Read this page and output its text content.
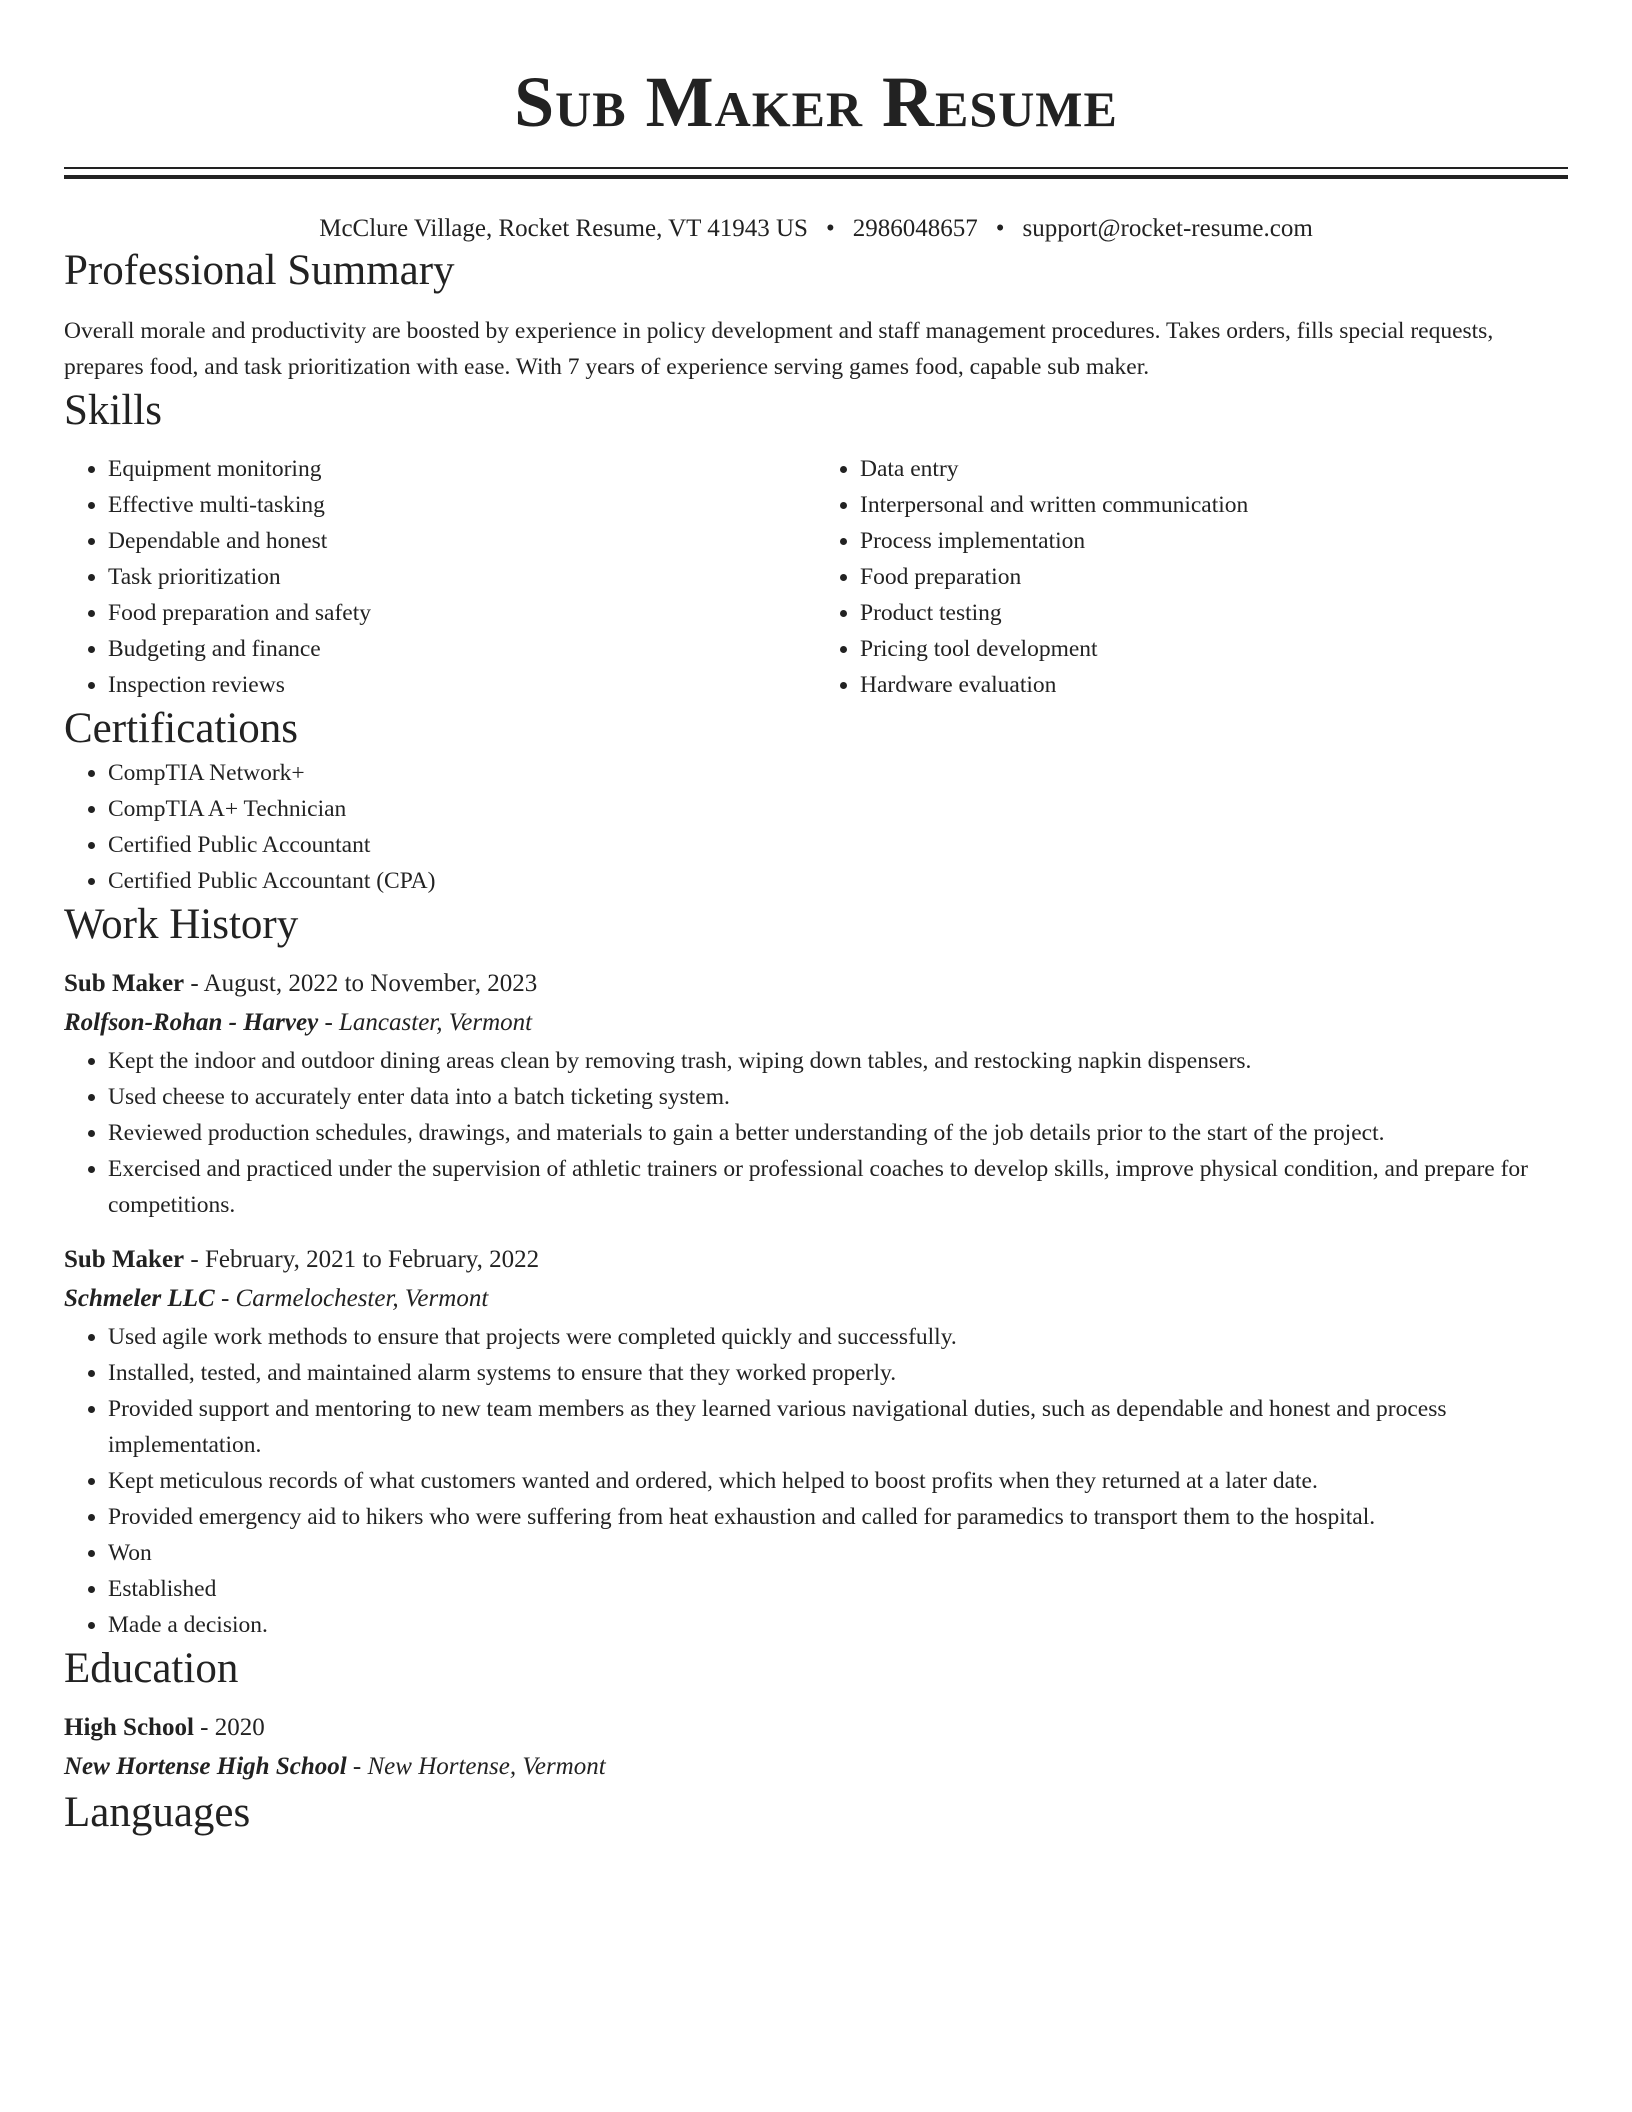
Sub Maker Resume
McClure Village, Rocket Resume, VT 41943 US • 2986048657 • support@rocket-resume.com
Professional Summary

Overall morale and productivity are boosted by experience in policy development and staff management procedures. Takes orders, fills special requests, prepares food, and task prioritization with ease. With 7 years of experience serving games food, capable sub maker.

Skills
• Equipment monitoring
• Effective multi-tasking
• Dependable and honest
• Task prioritization
• Food preparation and safety
• Budgeting and finance
• Inspection reviews
• Data entry
• Interpersonal and written communication
• Process implementation
• Food preparation
• Product testing
• Pricing tool development
• Hardware evaluation
Certifications
• CompTIA Network+
• CompTIA A+ Technician
• Certified Public Accountant
• Certified Public Accountant (CPA)
Work History
Sub Maker - August, 2022 to November, 2023
Rolfson-Rohan - Harvey - Lancaster, Vermont
• Kept the indoor and outdoor dining areas clean by removing trash, wiping down tables, and restocking napkin dispensers.
• Used cheese to accurately enter data into a batch ticketing system.
• Reviewed production schedules, drawings, and materials to gain a better understanding of the job details prior to the start of the project.
• Exercised and practiced under the supervision of athletic trainers or professional coaches to develop skills, improve physical condition, and prepare for competitions.
Sub Maker - February, 2021 to February, 2022
Schmeler LLC - Carmelochester, Vermont
• Used agile work methods to ensure that projects were completed quickly and successfully.
• Installed, tested, and maintained alarm systems to ensure that they worked properly.
• Provided support and mentoring to new team members as they learned various navigational duties, such as dependable and honest and process implementation.
• Kept meticulous records of what customers wanted and ordered, which helped to boost profits when they returned at a later date.
• Provided emergency aid to hikers who were suffering from heat exhaustion and called for paramedics to transport them to the hospital.
• Won
• Established
• Made a decision.
Education
High School - 2020
New Hortense High School - New Hortense, Vermont
Languages
